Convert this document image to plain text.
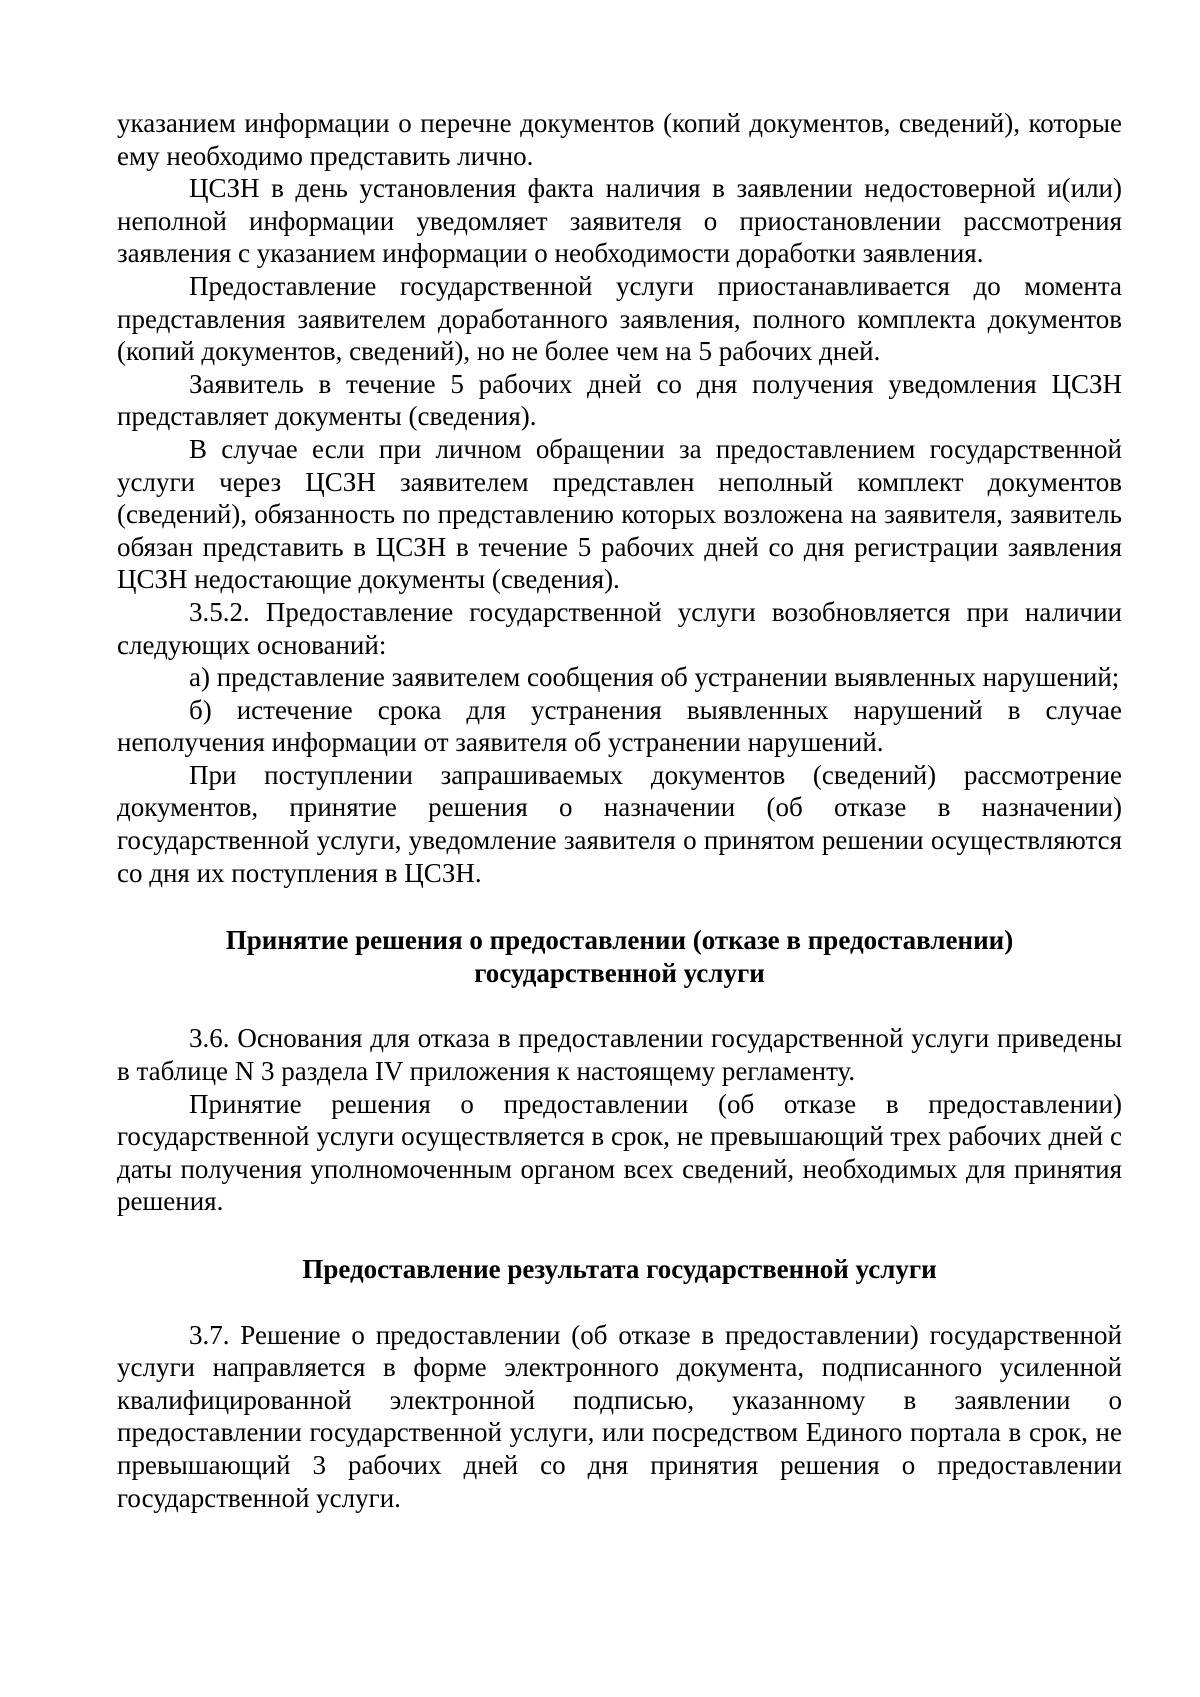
указанием информации о перечне документов (копий документов, сведений), которые ему необходимо представить лично.

ЦСЗН в день установления факта наличия в заявлении недостоверной и(или) неполной информации уведомляет заявителя о приостановлении рассмотрения заявления с указанием информации о необходимости доработки заявления.

Предоставление государственной услуги приостанавливается до момента представления заявителем доработанного заявления, полного комплекта документов (копий документов, сведений), но не более чем на 5 рабочих дней.

Заявитель в течение 5 рабочих дней со дня получения уведомления ЦСЗН представляет документы (сведения).

В случае если при личном обращении за предоставлением государственной услуги через ЦСЗН заявителем представлен неполный комплект документов (сведений), обязанность по представлению которых возложена на заявителя, заявитель обязан представить в ЦСЗН в течение 5 рабочих дней со дня регистрации заявления ЦСЗН недостающие документы (сведения).

3.5.2. Предоставление государственной услуги возобновляется при наличии следующих оснований:

а) представление заявителем сообщения об устранении выявленных нарушений;

б) истечение срока для устранения выявленных нарушений в случае неполучения информации от заявителя об устранении нарушений.

При поступлении запрашиваемых документов (сведений) рассмотрение документов, принятие решения о назначении (об отказе в назначении) государственной услуги, уведомление заявителя о принятом решении осуществляются со дня их поступления в ЦСЗН.

Принятие решения о предоставлении (отказе в предоставлении) государственной услуги

3.6. Основания для отказа в предоставлении государственной услуги приведены в таблице N 3 раздела IV приложения к настоящему регламенту.

Принятие решения о предоставлении (об отказе в предоставлении) государственной услуги осуществляется в срок, не превышающий трех рабочих дней с даты получения уполномоченным органом всех сведений, необходимых для принятия решения.

Предоставление результата государственной услуги

3.7. Решение о предоставлении (об отказе в предоставлении) государственной услуги направляется в форме электронного документа, подписанного усиленной квалифицированной электронной подписью, указанному в заявлении о предоставлении государственной услуги, или посредством Единого портала в срок, не превышающий 3 рабочих дней со дня принятия решения о предоставлении государственной услуги.
